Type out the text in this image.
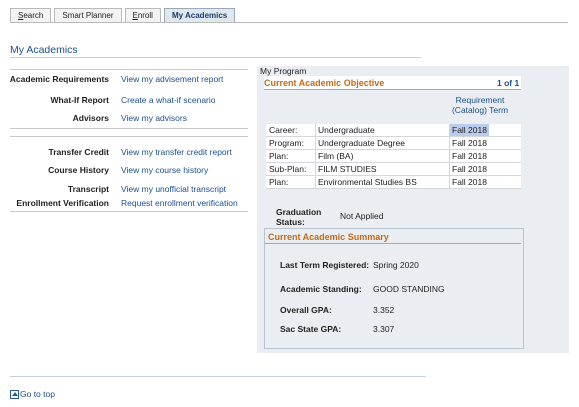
Search	Smart Planner	Enroll	My Academics
My Academics
Academic Requirements View my advisement report
What-If Report Create a what-if scenario
Advisors View my advisors
Transfer Credit View my transfer credit report
Course History View my course history
Transcript View my unofficial transcript
Enrollment Verification Request enrollment verification
My Program
Current Academic Objective	1 of 1
Requirement
(Catalog) Term
Career: Undergraduate	Fall 2018
Program: Undergraduate Degree	Fall 2018
Plan:	Film (BA)	Fall 2018
Sub-Plan: FILM STUDIES	Fall 2018
Plan:	Environmental Studies BS	Fall 2018
Graduation
Status:
Not Applied
Current Academic Summary
Last Term Registered: Spring 2020
Academic Standing: GOOD STANDING
Overall GPA:	3.352
Sac State GPA:	3.307
Go to top
